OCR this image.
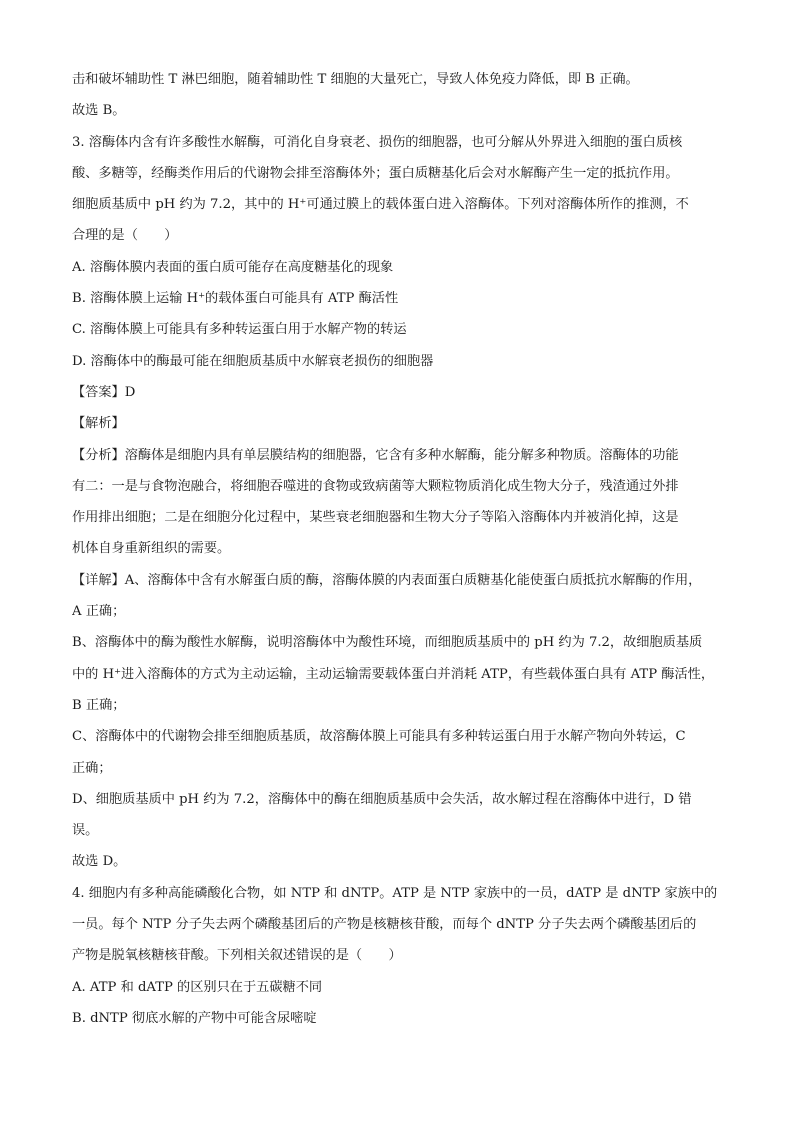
击和破坏辅助性 T 淋巴细胞，随着辅助性 T 细胞的大量死亡，导致人体免疫力降低，即 B 正确。
故选 B。
3. 溶酶体内含有许多酸性水解酶，可消化自身衰老、损伤的细胞器，也可分解从外界进入细胞的蛋白质核
酸、多糖等，经酶类作用后的代谢物会排至溶酶体外；蛋白质糖基化后会对水解酶产生一定的抵抗作用。
细胞质基质中 pH 约为 7.2，其中的 H⁺可通过膜上的载体蛋白进入溶酶体。下列对溶酶体所作的推测，不
合理的是（　　）
A. 溶酶体膜内表面的蛋白质可能存在高度糖基化的现象
B. 溶酶体膜上运输 H⁺的载体蛋白可能具有 ATP 酶活性
C. 溶酶体膜上可能具有多种转运蛋白用于水解产物的转运
D. 溶酶体中的酶最可能在细胞质基质中水解衰老损伤的细胞器
【答案】D
【解析】
【分析】溶酶体是细胞内具有单层膜结构的细胞器，它含有多种水解酶，能分解多种物质。溶酶体的功能
有二：一是与食物泡融合，将细胞吞噬进的食物或致病菌等大颗粒物质消化成生物大分子，残渣通过外排
作用排出细胞；二是在细胞分化过程中，某些衰老细胞器和生物大分子等陷入溶酶体内并被消化掉，这是
机体自身重新组织的需要。
【详解】A、溶酶体中含有水解蛋白质的酶，溶酶体膜的内表面蛋白质糖基化能使蛋白质抵抗水解酶的作用，
A 正确；
B、溶酶体中的酶为酸性水解酶，说明溶酶体中为酸性环境，而细胞质基质中的 pH 约为 7.2，故细胞质基质
中的 H⁺进入溶酶体的方式为主动运输，主动运输需要载体蛋白并消耗 ATP，有些载体蛋白具有 ATP 酶活性，
B 正确；
C、溶酶体中的代谢物会排至细胞质基质，故溶酶体膜上可能具有多种转运蛋白用于水解产物向外转运，C
正确；
D、细胞质基质中 pH 约为 7.2，溶酶体中的酶在细胞质基质中会失活，故水解过程在溶酶体中进行，D 错
误。
故选 D。
4. 细胞内有多种高能磷酸化合物，如 NTP 和 dNTP。ATP 是 NTP 家族中的一员，dATP 是 dNTP 家族中的
一员。每个 NTP 分子失去两个磷酸基团后的产物是核糖核苷酸，而每个 dNTP 分子失去两个磷酸基团后的
产物是脱氧核糖核苷酸。下列相关叙述错误的是（　　）
A. ATP 和 dATP 的区别只在于五碳糖不同
B. dNTP 彻底水解的产物中可能含尿嘧啶
